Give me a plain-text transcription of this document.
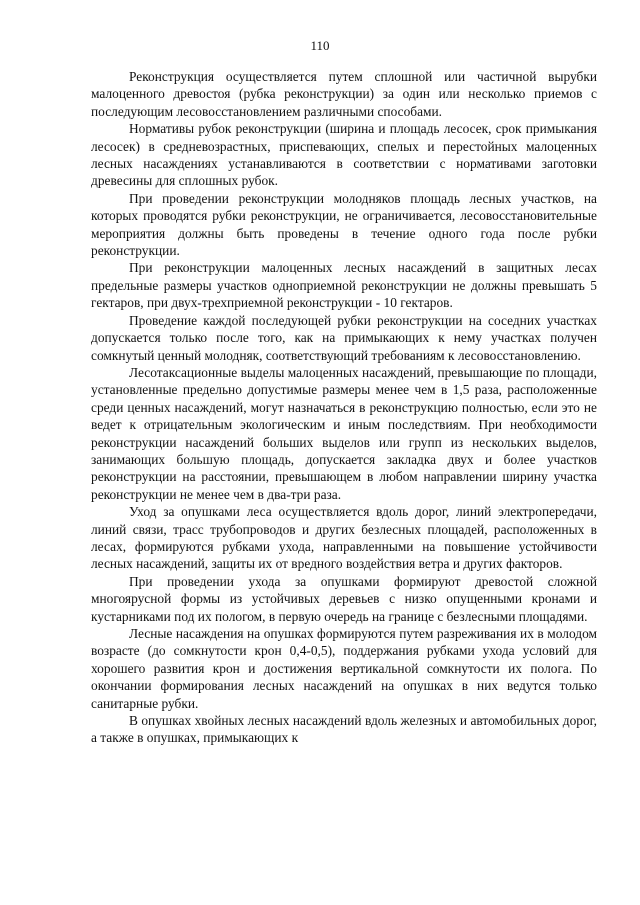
110

Реконструкция осуществляется путем сплошной или частичной вырубки малоценного древостоя (рубка реконструкции) за один или несколько приемов с последующим лесовосстановлением различными способами.

Нормативы рубок реконструкции (ширина и площадь лесосек, срок примыкания лесосек) в средневозрастных, приспевающих, спелых и перестойных малоценных лесных насаждениях устанавливаются в соответствии с нормативами заготовки древесины для сплошных рубок.

При проведении реконструкции молодняков площадь лесных участков, на которых проводятся рубки реконструкции, не ограничивается, лесовосстановительные мероприятия должны быть проведены в течение одного года после рубки реконструкции.

При реконструкции малоценных лесных насаждений в защитных лесах предельные размеры участков одноприемной реконструкции не должны превышать 5 гектаров, при двух-трехприемной реконструкции - 10 гектаров.

Проведение каждой последующей рубки реконструкции на соседних участках допускается только после того, как на примыкающих к нему участках получен сомкнутый ценный молодняк, соответствующий требованиям к лесовосстановлению.

Лесотаксационные выделы малоценных насаждений, превышающие по площади, установленные предельно допустимые размеры менее чем в 1,5 раза, расположенные среди ценных насаждений, могут назначаться в реконструкцию полностью, если это не ведет к отрицательным экологическим и иным последствиям. При необходимости реконструкции насаждений больших выделов или групп из нескольких выделов, занимающих большую площадь, допускается закладка двух и более участков реконструкции на расстоянии, превышающем в любом направлении ширину участка реконструкции не менее чем в два-три раза.

Уход за опушками леса осуществляется вдоль дорог, линий электропередачи, линий связи, трасс трубопроводов и других безлесных площадей, расположенных в лесах, формируются рубками ухода, направленными на повышение устойчивости лесных насаждений, защиты их от вредного воздействия ветра и других факторов.

При проведении ухода за опушками формируют древостой сложной многоярусной формы из устойчивых деревьев с низко опущенными кронами и кустарниками под их пологом, в первую очередь на границе с безлесными площадями.

Лесные насаждения на опушках формируются путем разреживания их в молодом возрасте (до сомкнутости крон 0,4-0,5), поддержания рубками ухода условий для хорошего развития крон и достижения вертикальной сомкнутости их полога. По окончании формирования лесных насаждений на опушках в них ведутся только санитарные рубки.

В опушках хвойных лесных насаждений вдоль железных и автомобильных дорог, а также в опушках, примыкающих к
